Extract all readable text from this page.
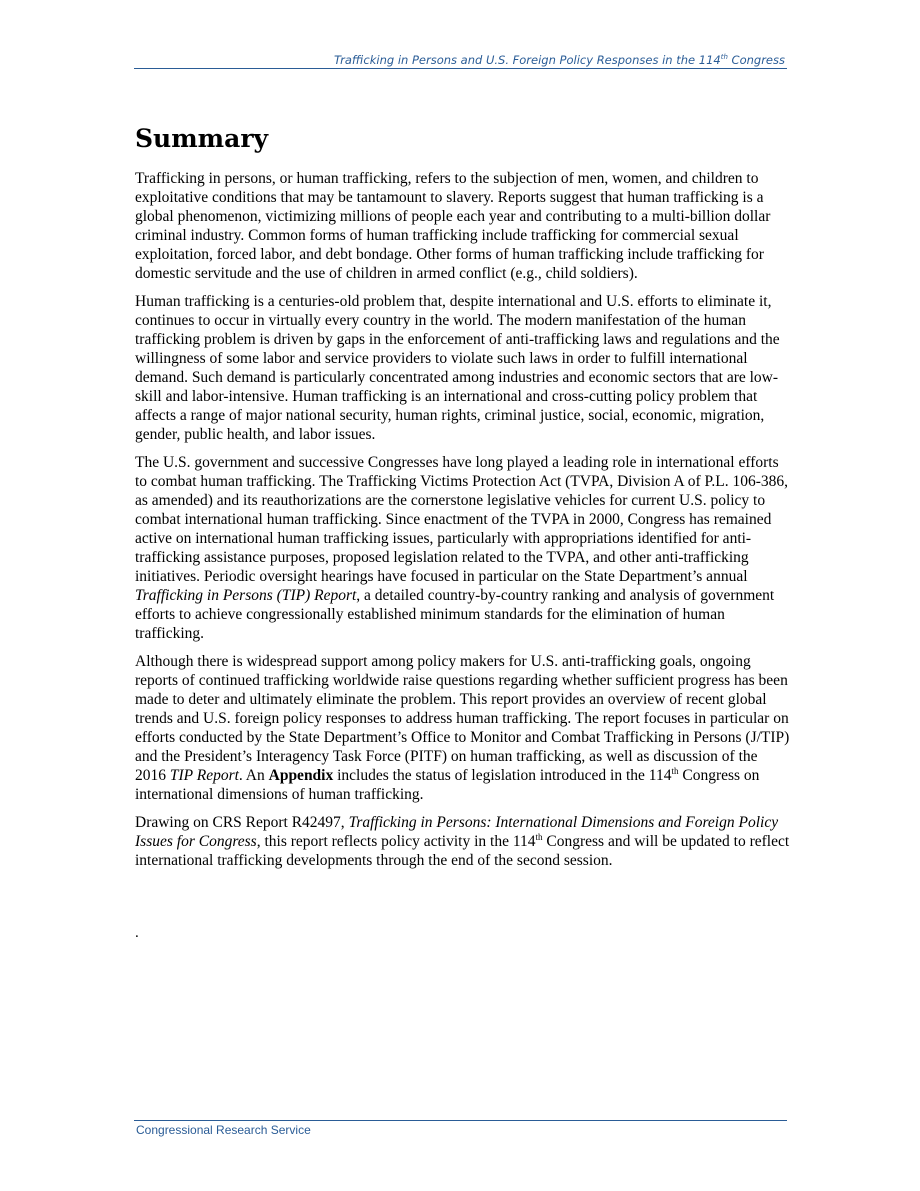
Trafficking in Persons and U.S. Foreign Policy Responses in the 114th Congress
Summary

Trafficking in persons, or human trafficking, refers to the subjection of men, women, and children to exploitative conditions that may be tantamount to slavery. Reports suggest that human trafficking is a global phenomenon, victimizing millions of people each year and contributing to a multi-billion dollar criminal industry. Common forms of human trafficking include trafficking for commercial sexual exploitation, forced labor, and debt bondage. Other forms of human trafficking include trafficking for domestic servitude and the use of children in armed conflict (e.g., child soldiers).

Human trafficking is a centuries-old problem that, despite international and U.S. efforts to eliminate it, continues to occur in virtually every country in the world. The modern manifestation of the human trafficking problem is driven by gaps in the enforcement of anti-trafficking laws and regulations and the willingness of some labor and service providers to violate such laws in order to fulfill international demand. Such demand is particularly concentrated among industries and economic sectors that are low-skill and labor-intensive. Human trafficking is an international and cross-cutting policy problem that affects a range of major national security, human rights, criminal justice, social, economic, migration, gender, public health, and labor issues.

The U.S. government and successive Congresses have long played a leading role in international efforts to combat human trafficking. The Trafficking Victims Protection Act (TVPA, Division A of P.L. 106-386, as amended) and its reauthorizations are the cornerstone legislative vehicles for current U.S. policy to combat international human trafficking. Since enactment of the TVPA in 2000, Congress has remained active on international human trafficking issues, particularly with appropriations identified for anti-trafficking assistance purposes, proposed legislation related to the TVPA, and other anti-trafficking initiatives. Periodic oversight hearings have focused in particular on the State Department’s annual Trafficking in Persons (TIP) Report, a detailed country-by-country ranking and analysis of government efforts to achieve congressionally established minimum standards for the elimination of human trafficking.

Although there is widespread support among policy makers for U.S. anti-trafficking goals, ongoing reports of continued trafficking worldwide raise questions regarding whether sufficient progress has been made to deter and ultimately eliminate the problem. This report provides an overview of recent global trends and U.S. foreign policy responses to address human trafficking. The report focuses in particular on efforts conducted by the State Department’s Office to Monitor and Combat Trafficking in Persons (J/TIP) and the President’s Interagency Task Force (PITF) on human trafficking, as well as discussion of the 2016 TIP Report. An Appendix includes the status of legislation introduced in the 114th Congress on international dimensions of human trafficking.

Drawing on CRS Report R42497, Trafficking in Persons: International Dimensions and Foreign Policy Issues for Congress, this report reflects policy activity in the 114th Congress and will be updated to reflect international trafficking developments through the end of the second session.

.
Congressional Research Service
